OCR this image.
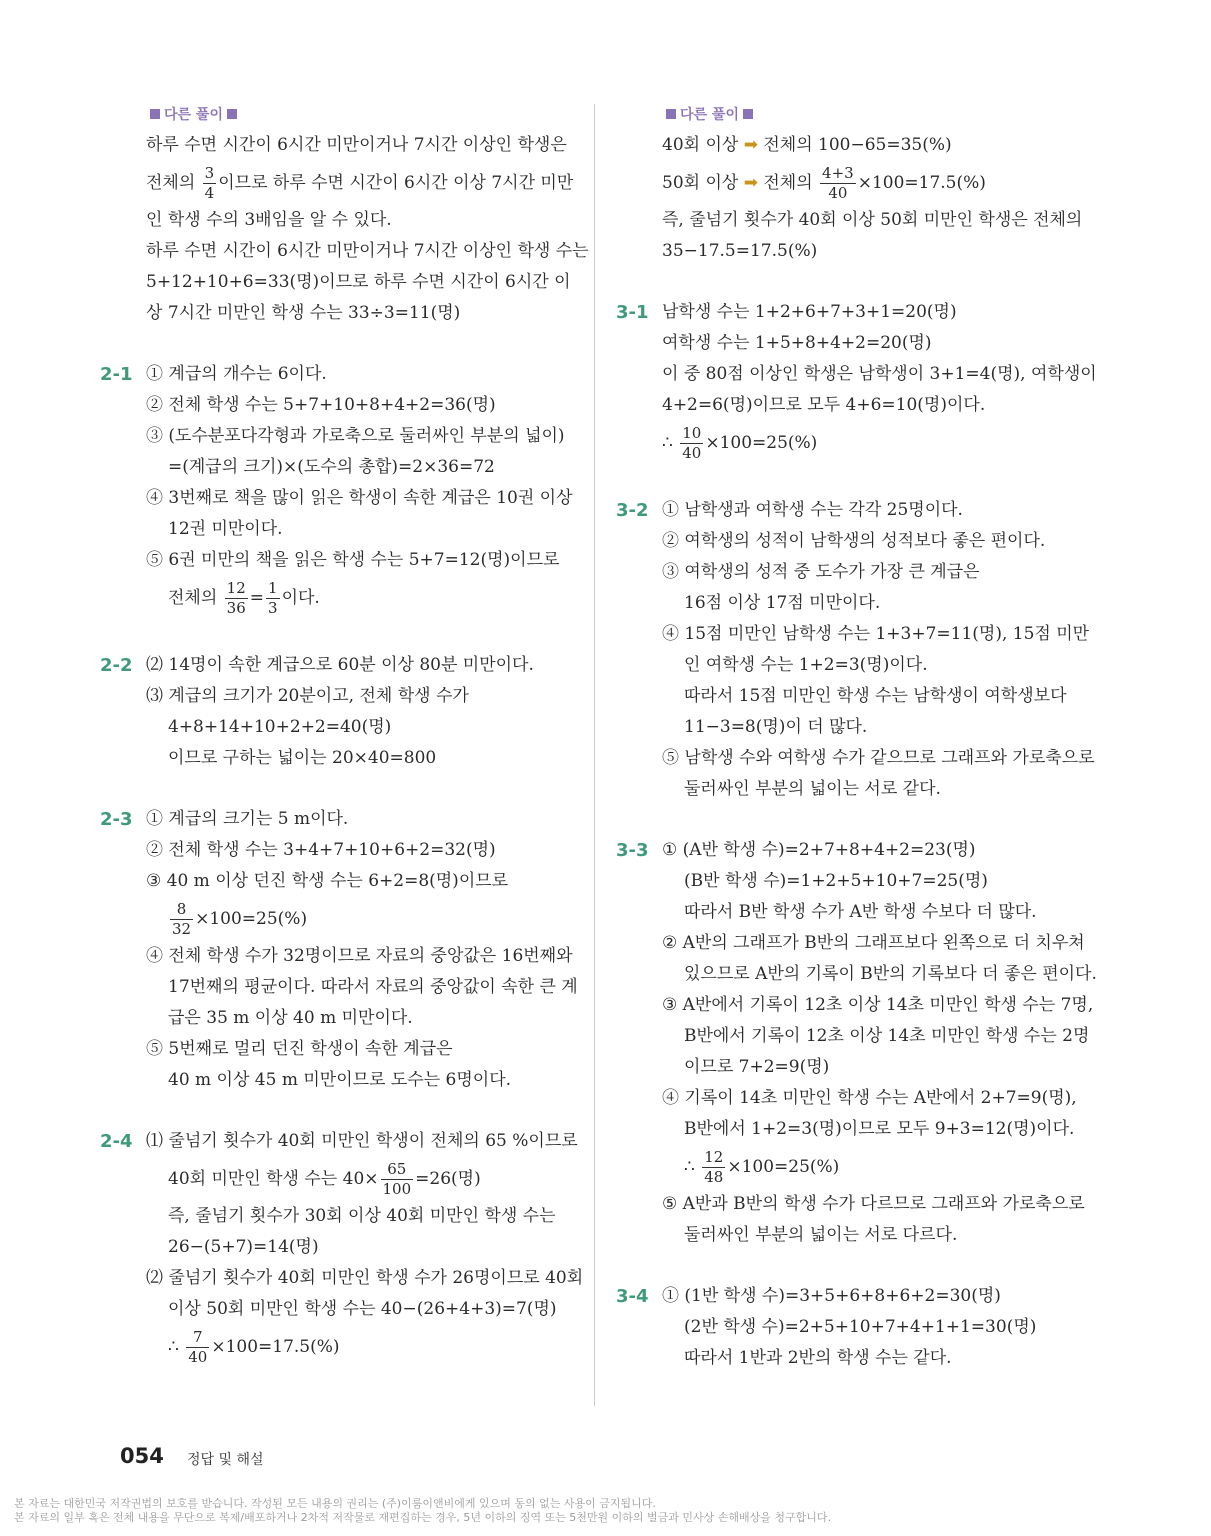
다른 풀이
하루 수면 시간이 6시간 미만이거나 7시간 이상인 학생은
전체의 $\frac{3}{4}$ 이므로 하루 수면 시간이 6시간 이상 7시간 미만
인 학생 수의 3배임을 알 수 있다.
하루 수면 시간이 6시간 미만이거나 7시간 이상인 학생 수는
5+12+10+6=33(명)이므로 하루 수면 시간이 6시간 이
상 7시간 미만인 학생 수는 33÷3=11(명)
2-1 ① 계급의 개수는 6이다.
② 전체 학생 수는 5+7+10+8+4+2=36(명)
③ (도수분포다각형과 가로축으로 둘러싸인 부분의 넓이)
=(계급의 크기)×(도수의 총합)=2×36=72
④ 3번째로 책을 많이 읽은 학생이 속한 계급은 10권 이상
12권 미만이다.
⑤ 6권 미만의 책을 읽은 학생 수는 5+7=12(명)이므로
전체의 $\frac{12}{36} = \frac{1}{3}$ 이다.
2-2 ⑵ 14명이 속한 계급으로 60분 이상 80분 미만이다.
⑶ 계급의 크기가 20분이고, 전체 학생 수가
4+8+14+10+2+2=40(명)
이므로 구하는 넓이는 20×40=800
2-3 ① 계급의 크기는 5 m이다.
② 전체 학생 수는 3+4+7+10+6+2=32(명)
③ 40 m 이상 던진 학생 수는 6+2=8(명)이므로
$\frac{8}{32} \times 100=25(\%)$
④ 전체 학생 수가 32명이므로 자료의 중앙값은 16번째와
17번째의 평균이다. 따라서 자료의 중앙값이 속한 큰 계
급은 35 m 이상 40 m 미만이다.
⑤ 5번째로 멀리 던진 학생이 속한 계급은
40 m 이상 45 m 미만이므로 도수는 6명이다.
2-4 ⑴ 줄넘기 횟수가 40회 미만인 학생이 전체의 65 %이므로
40회 미만인 학생 수는 $40\times \frac{65}{100} =26$(명)
즉, 줄넘기 횟수가 30회 이상 40회 미만인 학생 수는
26−(5+7)=14(명)
⑵ 줄넘기 횟수가 40회 미만인 학생 수가 26명이므로 40회
이상 50회 미만인 학생 수는 40−(26+4+3)=7(명)
∴ $\frac{7}{40} \times 100=17.5(\%)$
다른 풀이
40회 이상 ➡ 전체의 100−65=35(%)
50회 이상 ➡ 전체의 $\frac{4+3}{40} \times 100=17.5(\%)$
즉, 줄넘기 횟수가 40회 이상 50회 미만인 학생은 전체의
35−17.5=17.5(%)
3-1 남학생 수는 1+2+6+7+3+1=20(명)
여학생 수는 1+5+8+4+2=20(명)
이 중 80점 이상인 학생은 남학생이 3+1=4(명), 여학생이
4+2=6(명)이므로 모두 4+6=10(명)이다.
∴ $\frac{10}{40} \times 100=25(\%)$
3-2 ① 남학생과 여학생 수는 각각 25명이다.
② 여학생의 성적이 남학생의 성적보다 좋은 편이다.
③ 여학생의 성적 중 도수가 가장 큰 계급은
16점 이상 17점 미만이다.
④ 15점 미만인 남학생 수는 1+3+7=11(명), 15점 미만
인 여학생 수는 1+2=3(명)이다.
따라서 15점 미만인 학생 수는 남학생이 여학생보다
11−3=8(명)이 더 많다.
⑤ 남학생 수와 여학생 수가 같으므로 그래프와 가로축으로
둘러싸인 부분의 넓이는 서로 같다.
3-3 ① (A반 학생 수)=2+7+8+4+2=23(명)
(B반 학생 수)=1+2+5+10+7=25(명)
따라서 B반 학생 수가 A반 학생 수보다 더 많다.
② A반의 그래프가 B반의 그래프보다 왼쪽으로 더 치우쳐
있으므로 A반의 기록이 B반의 기록보다 더 좋은 편이다.
③ A반에서 기록이 12초 이상 14초 미만인 학생 수는 7명,
B반에서 기록이 12초 이상 14초 미만인 학생 수는 2명
이므로 7+2=9(명)
④ 기록이 14초 미만인 학생 수는 A반에서 2+7=9(명),
B반에서 1+2=3(명)이므로 모두 9+3=12(명)이다.
∴ $\frac{12}{48} \times 100=25(\%)$
⑤ A반과 B반의 학생 수가 다르므로 그래프와 가로축으로
둘러싸인 부분의 넓이는 서로 다르다.
3-4 ① (1반 학생 수)=3+5+6+8+6+2=30(명)
(2반 학생 수)=2+5+10+7+4+1+1=30(명)
따라서 1반과 2반의 학생 수는 같다.
054 정답 및 해설
본 자료는 대한민국 저작권법의 보호를 받습니다. 작성된 모든 내용의 권리는 (주)이룸이앤비에게 있으며 동의 없는 사용이 금지됩니다.
본 자료의 일부 혹은 전체 내용을 무단으로 복제/배포하거나 2차적 저작물로 재편집하는 경우, 5년 이하의 징역 또는 5천만원 이하의 벌금과 민사상 손해배상을 청구합니다.
